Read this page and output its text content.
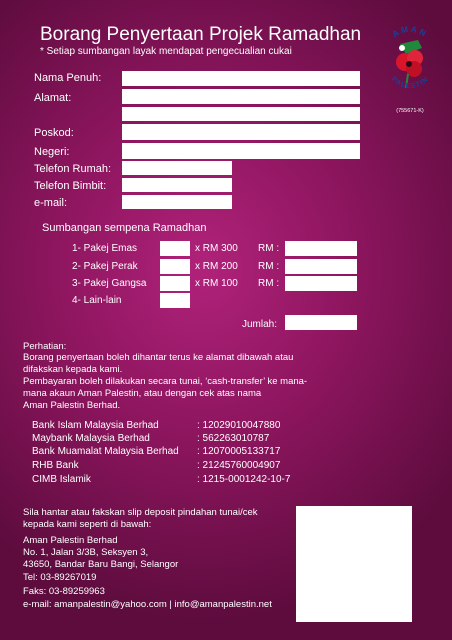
Borang Penyertaan Projek Ramadhan
* Setiap sumbangan layak mendapat pengecualian cukai
AMAN
PALESTIN
(755671-K)
Nama Penuh:
Alamat:
Poskod:
Negeri:
Telefon Rumah:
Telefon Bimbit:
e-mail:
Sumbangan sempena Ramadhan
1- Pakej Emas	x RM 300 RM :
2- Pakej Perak	x RM 200 RM :
3- Pakej Gangsa	x RM 100 RM :
4- Lain-lain
Jumlah:
Perhatian:
Borang penyertaan boleh dihantar terus ke alamat dibawah atau
difakskan kepada kami.
Pembayaran boleh dilakukan secara tunai, ‘cash-transfer’ ke mana-
mana akaun Aman Palestin, atau dengan cek atas nama
Aman Palestin Berhad.
Bank Islam Malaysia Berhad	: 12029010047880
Maybank Malaysia Berhad	: 562263010787
Bank Muamalat Malaysia Berhad : 12070005133717
RHB Bank	: 21245760004907
CIMB Islamik	: 1215-0001242-10-7
Sila hantar atau fakskan slip deposit pindahan tunai/cek
kepada kami seperti di bawah:
Aman Palestin Berhad
No. 1, Jalan 3/3B, Seksyen 3,
43650, Bandar Baru Bangi, Selangor
Tel: 03-89267019
Faks: 03-89259963
e-mail: amanpalestin@yahoo.com | info@amanpalestin.net
